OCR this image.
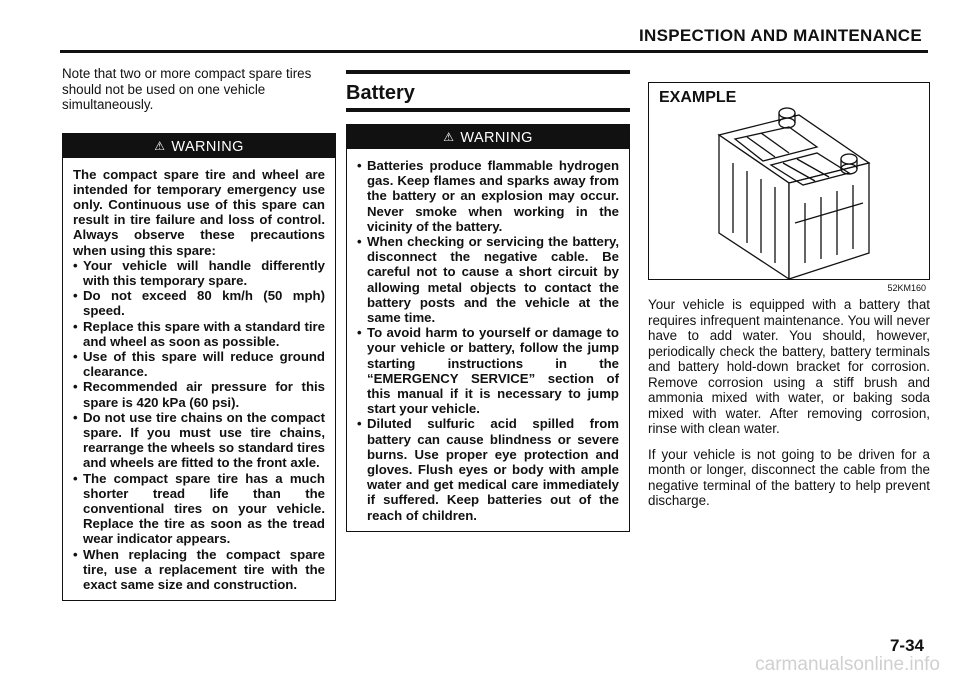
INSPECTION AND MAINTENANCE

Note that two or more compact spare tires should not be used on one vehicle simultaneously.

⚠ WARNING
The compact spare tire and wheel are intended for temporary emergency use only. Continuous use of this spare can result in tire failure and loss of control. Always observe these precautions when using this spare:
• Your vehicle will handle differently with this temporary spare.
• Do not exceed 80 km/h (50 mph) speed.
• Replace this spare with a standard tire and wheel as soon as possible.
• Use of this spare will reduce ground clearance.
• Recommended air pressure for this spare is 420 kPa (60 psi).
• Do not use tire chains on the compact spare. If you must use tire chains, rearrange the wheels so standard tires and wheels are fitted to the front axle.
• The compact spare tire has a much shorter tread life than the conventional tires on your vehicle. Replace the tire as soon as the tread wear indicator appears.
• When replacing the compact spare tire, use a replacement tire with the exact same size and construction.
Battery
⚠ WARNING
• Batteries produce flammable hydrogen gas. Keep flames and sparks away from the battery or an explosion may occur. Never smoke when working in the vicinity of the battery.
• When checking or servicing the battery, disconnect the negative cable. Be careful not to cause a short circuit by allowing metal objects to contact the battery posts and the vehicle at the same time.
• To avoid harm to yourself or damage to your vehicle or battery, follow the jump starting instructions in the “EMERGENCY SERVICE” section of this manual if it is necessary to jump start your vehicle.
• Diluted sulfuric acid spilled from battery can cause blindness or severe burns. Use proper eye protection and gloves. Flush eyes or body with ample water and get medical care immediately if suffered. Keep batteries out of the reach of children.
EXAMPLE
52KM160

Your vehicle is equipped with a battery that requires infrequent maintenance. You will never have to add water. You should, however, periodically check the battery, battery terminals and battery hold-down bracket for corrosion. Remove corrosion using a stiff brush and ammonia mixed with water, or baking soda mixed with water. After removing corrosion, rinse with clean water.

If your vehicle is not going to be driven for a month or longer, disconnect the cable from the negative terminal of the battery to help prevent discharge.

7-34
carmanualsonline.info
